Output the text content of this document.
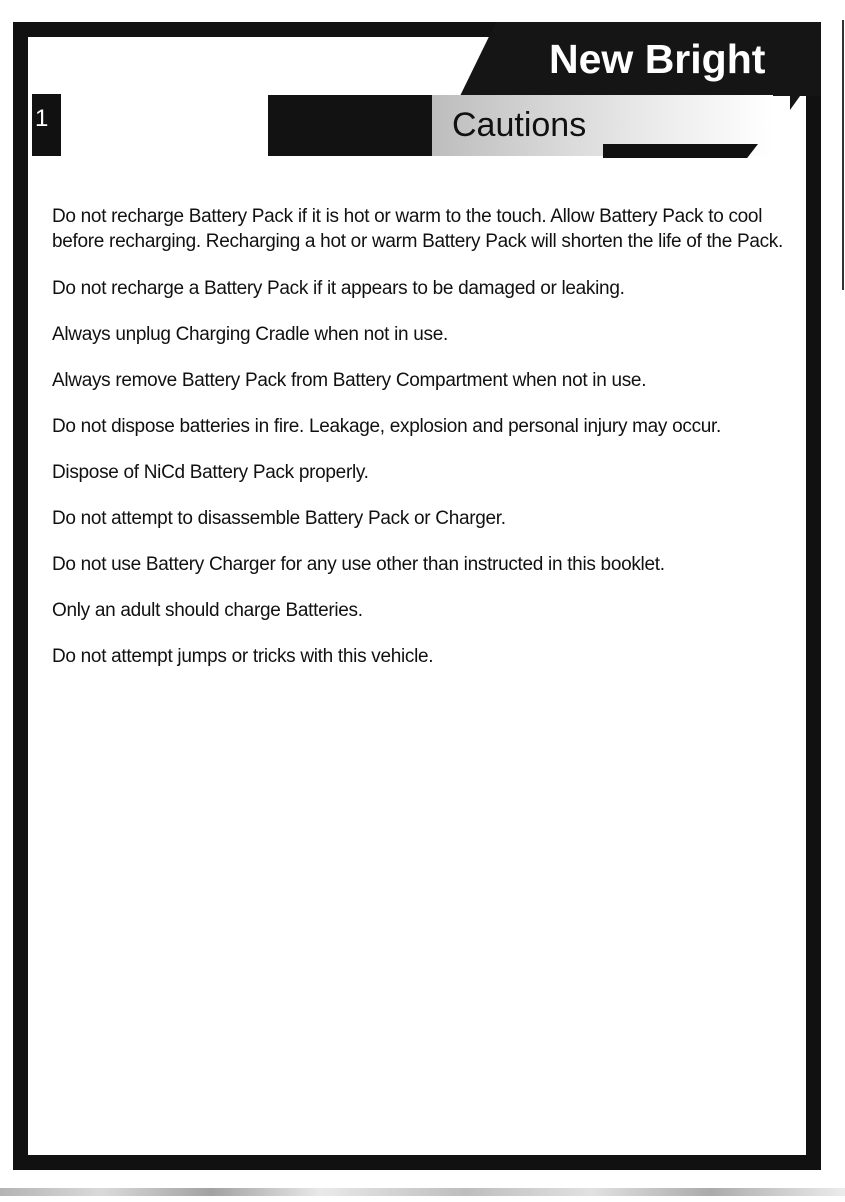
New Bright
1	Cautions
Do not recharge Battery Pack if it is hot or warm to the touch. Allow Battery Pack to cool before recharging. Recharging a hot or warm Battery Pack will shorten the life of the Pack.
Do not recharge a Battery Pack if it appears to be damaged or leaking.
Always unplug Charging Cradle when not in use.
Always remove Battery Pack from Battery Compartment when not in use.
Do not dispose batteries in fire. Leakage, explosion and personal injury may occur.
Dispose of NiCd Battery Pack properly.
Do not attempt to disassemble Battery Pack or Charger.
Do not use Battery Charger for any use other than instructed in this booklet.
Only an adult should charge Batteries.
Do not attempt jumps or tricks with this vehicle.
